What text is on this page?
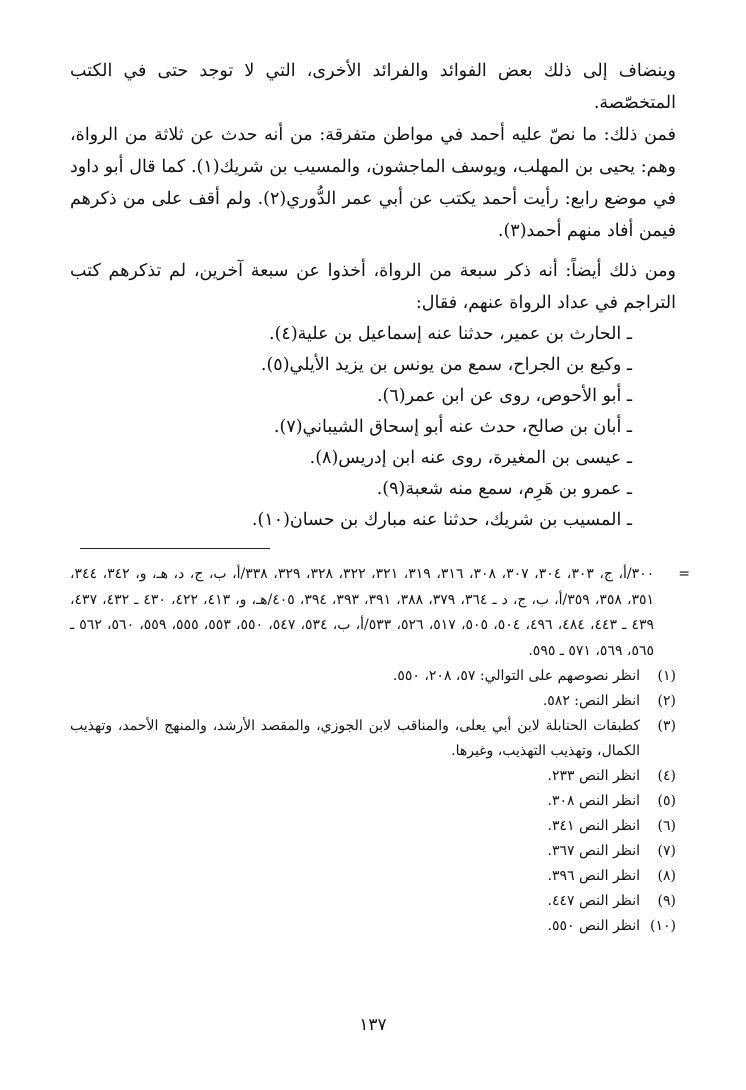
وينضاف إلى ذلك بعض الفوائد والفرائد الأخرى، التي لا توجد حتى في الكتب المتخصّصة.

فمن ذلك: ما نصّ عليه أحمد في مواطن متفرقة: من أنه حدث عن ثلاثة من الرواة، وهم: يحيى بن المهلب، ويوسف الماجشون، والمسيب بن شريك(١). كما قال أبو داود في موضع رابع: رأيت أحمد يكتب عن أبي عمر الدُّوري(٢). ولم أقف على من ذكرهم فيمن أفاد منهم أحمد(٣).

ومن ذلك أيضاً: أنه ذكر سبعة من الرواة، أخذوا عن سبعة آخرين، لم تذكرهم كتب التراجم في عداد الرواة عنهم، فقال:

ـ الحارث بن عمير، حدثنا عنه إسماعيل بن علية(٤).
ـ وكيع بن الجراح، سمع من يونس بن يزيد الأيلي(٥).
ـ أبو الأحوص، روى عن ابن عمر(٦).
ـ أبان بن صالح، حدث عنه أبو إسحاق الشيباني(٧).
ـ عيسى بن المغيرة، روى عنه ابن إدريس(٨).
ـ عمرو بن هَرِم، سمع منه شعبة(٩).
ـ المسيب بن شريك، حدثنا عنه مبارك بن حسان(١٠).
=
٣٠٠/أ، ج، ٣٠٣، ٣٠٤، ٣٠٧، ٣٠٨، ٣١٦، ٣١٩، ٣٢١، ٣٢٢، ٣٢٨، ٣٢٩، ٣٣٨/أ، ب، ج، د، هـ، و، ٣٤٢، ٣٤٤، ٣٥١، ٣٥٨، ٣٥٩/أ، ب، ج، د ـ ٣٦٤، ٣٧٩، ٣٨٨، ٣٩١، ٣٩٣، ٣٩٤، ٤٠٥/هـ، و، ٤١٣، ٤٢٢، ٤٣٠ ـ ٤٣٢، ٤٣٧، ٤٣٩ ـ ٤٤٣، ٤٨٤، ٤٩٦، ٥٠٤، ٥٠٥، ٥١٧، ٥٢٦، ٥٣٣/أ، ب، ٥٣٤، ٥٤٧، ٥٥٠، ٥٥٣، ٥٥٥، ٥٥٩، ٥٦٠، ٥٦٢ ـ ٥٦٥، ٥٦٩، ٥٧١ ـ ٥٩٥.
(١)
انظر نصوصهم على التوالي: ٥٧، ٢٠٨، ٥٥٠.
(٢)
انظر النص: ٥٨٢.
(٣)
كطبقات الحنابلة لابن أبي يعلى، والمناقب لابن الجوزي، والمقصد الأرشد، والمنهج الأحمد، وتهذيب الكمال، وتهذيب التهذيب، وغيرها.
(٤)
انظر النص ٢٣٣.
(٥)
انظر النص ٣٠٨.
(٦)
انظر النص ٣٤١.
(٧)
انظر النص ٣٦٧.
(٨)
انظر النص ٣٩٦.
(٩)
انظر النص ٤٤٧.
(١٠)
انظر النص ٥٥٠.
١٣٧
